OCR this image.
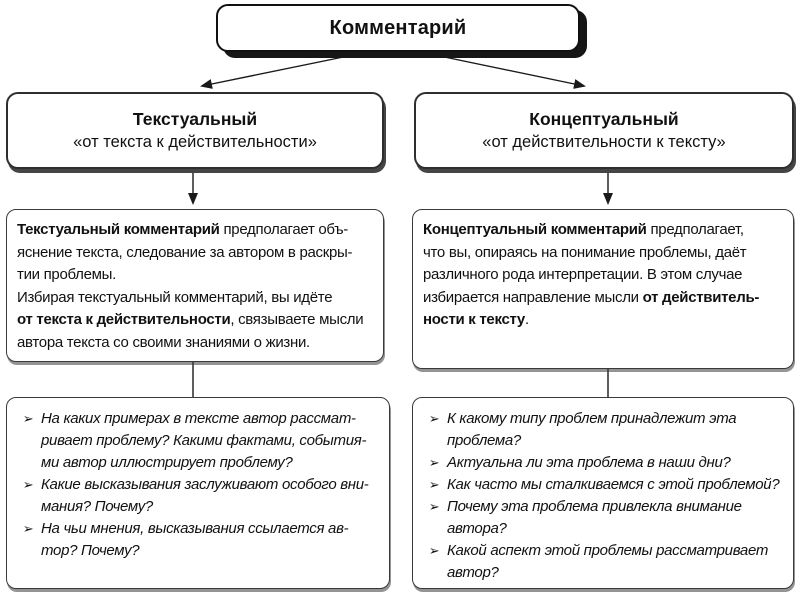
Комментарий
Текстуальный
«от текста к действительности»
Концептуальный
«от действительности к тексту»
Текстуальный комментарий предполагает объ-
яснение текста, следование за автором в раскры-
тии проблемы.
Избирая текстуальный комментарий, вы идёте
от текста к действительности, связываете мысли
автора текста со своими знаниями о жизни.
Концептуальный комментарий предполагает,
что вы, опираясь на понимание проблемы, даёт
различного рода интерпретации. В этом случае
избирается направление мысли от действитель-
ности к тексту.
➢ На каких примерах в тексте автор рассмат-
ривает проблему? Какими фактами, события-
ми автор иллюстрирует проблему?
➢ Какие высказывания заслуживают особого вни-
мания? Почему?
➢ На чьи мнения, высказывания ссылается ав-
тор? Почему?
➢ К какому типу проблем принадлежит эта
проблема?
➢ Актуальна ли эта проблема в наши дни?
➢ Как часто мы сталкиваемся с этой проблемой?
➢ Почему эта проблема привлекла внимание
автора?
➢ Какой аспект этой проблемы рассматривает
автор?
